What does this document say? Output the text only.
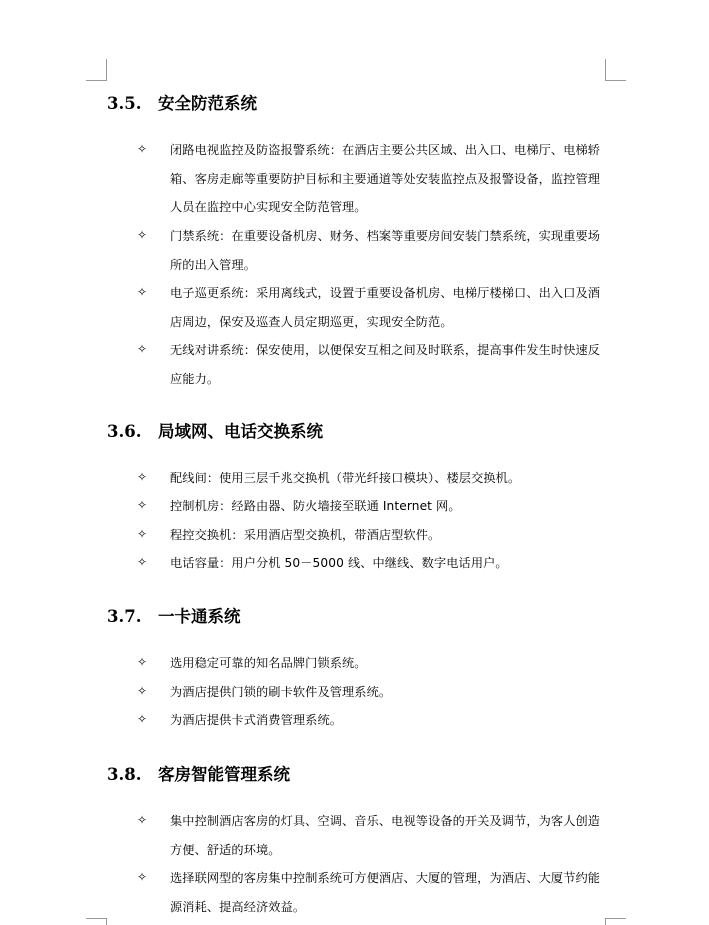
3.5. 安全防范系统
✧ 闭路电视监控及防盗报警系统：在酒店主要公共区域、出入口、电梯厅、电梯轿
箱、客房走廊等重要防护目标和主要通道等处安装监控点及报警设备，监控管理
人员在监控中心实现安全防范管理。
✧ 门禁系统：在重要设备机房、财务、档案等重要房间安装门禁系统，实现重要场
所的出入管理。
✧ 电子巡更系统：采用离线式，设置于重要设备机房、电梯厅楼梯口、出入口及酒
店周边，保安及巡查人员定期巡更，实现安全防范。
✧ 无线对讲系统：保安使用，以便保安互相之间及时联系，提高事件发生时快速反
应能力。
3.6. 局域网、电话交换系统
✧ 配线间：使用三层千兆交换机（带光纤接口模块）、楼层交换机。
✧ 控制机房：经路由器、防火墙接至联通 Internet 网。
✧ 程控交换机：采用酒店型交换机，带酒店型软件。
✧ 电话容量：用户分机 50－5000 线、中继线、数字电话用户。
3.7. 一卡通系统
✧ 选用稳定可靠的知名品牌门锁系统。
✧ 为酒店提供门锁的刷卡软件及管理系统。
✧ 为酒店提供卡式消费管理系统。
3.8. 客房智能管理系统
✧ 集中控制酒店客房的灯具、空调、音乐、电视等设备的开关及调节，为客人创造
方便、舒适的环境。
✧ 选择联网型的客房集中控制系统可方便酒店、大厦的管理，为酒店、大厦节约能
源消耗、提高经济效益。
